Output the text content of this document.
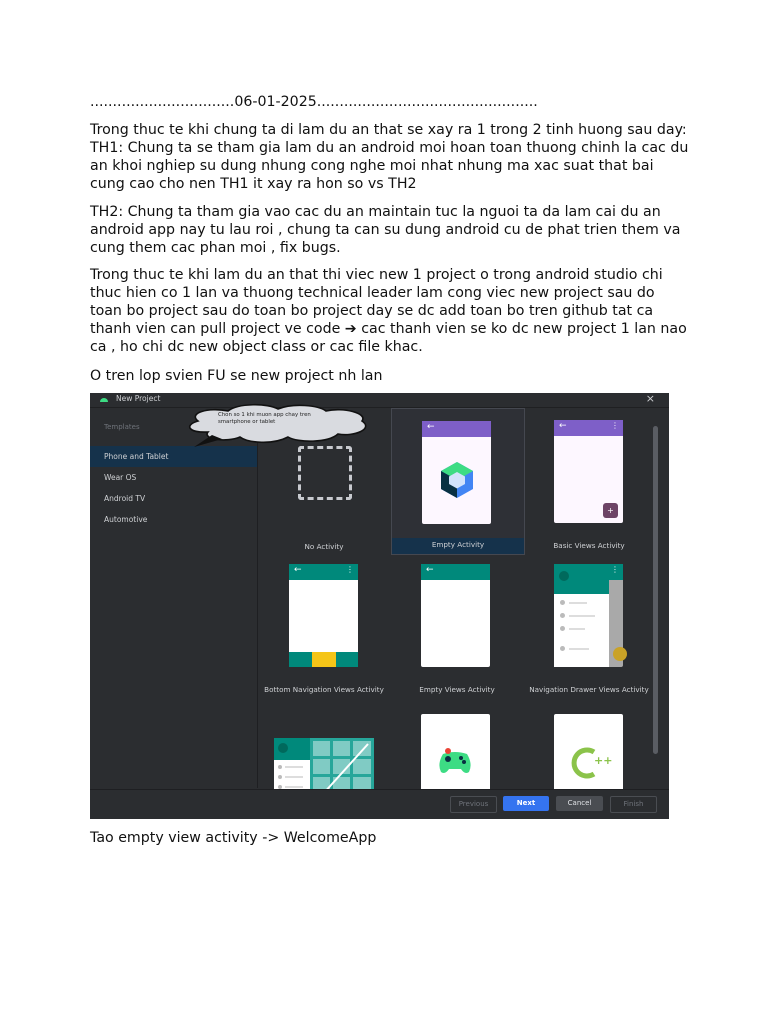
................................06-01-2025.................................................

Trong thuc te khi chung ta di lam du an that se xay ra 1 trong 2 tinh huong sau day: TH1: Chung ta se tham gia lam du an android moi hoan toan thuong chinh la cac du an khoi nghiep su dung nhung cong nghe moi nhat nhung ma xac suat that bai cung cao cho nen TH1 it xay ra hon so vs TH2

TH2: Chung ta tham gia vao cac du an maintain tuc la nguoi ta da lam cai du an android app nay tu lau roi , chung ta can su dung android cu de phat trien them va cung them cac phan moi , fix bugs.

Trong thuc te khi lam du an that thi viec new 1 project o trong android studio chi thuc hien co 1 lan va thuong technical leader lam cong viec new project sau do toan bo project sau do toan bo project day se dc add toan bo tren github tat ca thanh vien can pull project ve code ➔ cac thanh vien se ko dc new project 1 lan nao ca , ho chi dc new object class or cac file khac.

O tren lop svien FU se new project nh lan

New Project	×
Templates
Phone and Tablet
Wear OS
Android TV
Automotive
No Activity
←
Empty Activity
←	⋮
+
Basic Views Activity
←	⋮
Bottom Navigation Views Activity
←
Empty Views Activity
⋮
Navigation Drawer Views Activity
++
Chon so 1 khi muon app chay tren smartphone or tablet
Previous	Next	Cancel	Finish

Tao empty view activity -> WelcomeApp
